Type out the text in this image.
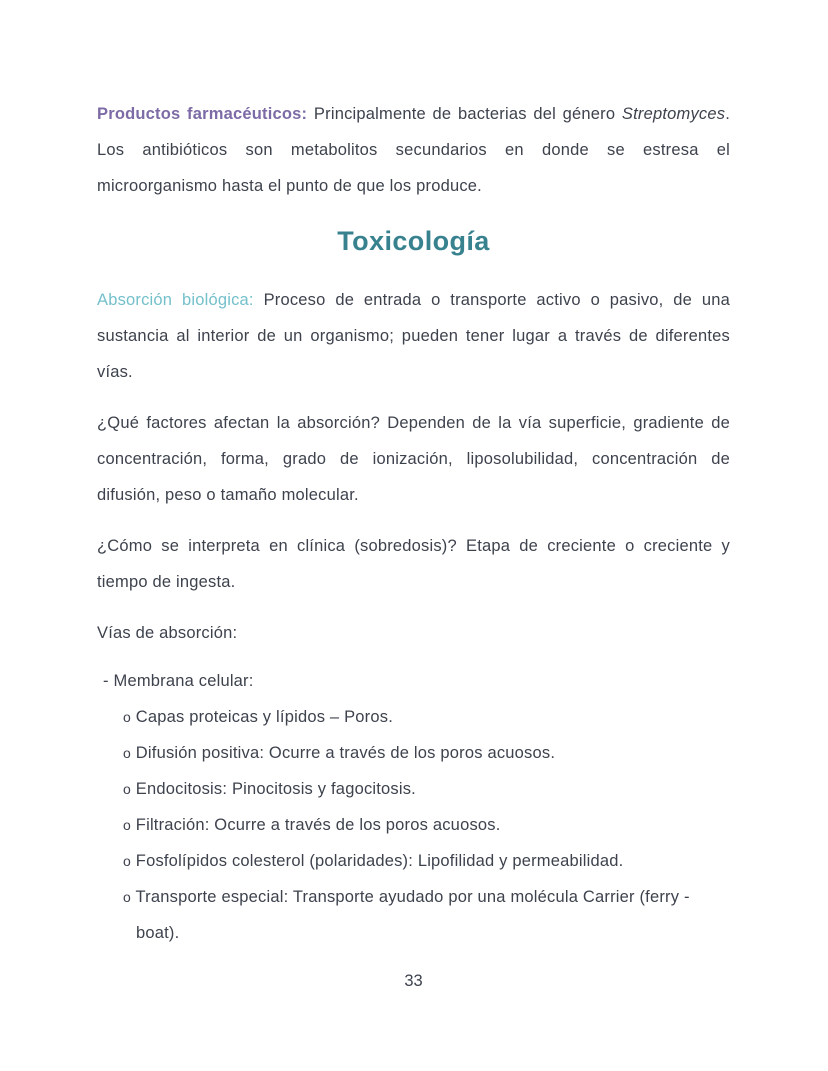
Productos farmacéuticos: Principalmente de bacterias del género Streptomyces. Los antibióticos son metabolitos secundarios en donde se estresa el microorganismo hasta el punto de que los produce.

Toxicología

Absorción biológica: Proceso de entrada o transporte activo o pasivo, de una sustancia al interior de un organismo; pueden tener lugar a través de diferentes vías.

¿Qué factores afectan la absorción? Dependen de la vía superficie, gradiente de concentración, forma, grado de ionización, liposolubilidad, concentración de difusión, peso o tamaño molecular.

¿Cómo se interpreta en clínica (sobredosis)? Etapa de creciente o creciente y tiempo de ingesta.

Vías de absorción:

- Membrana celular:
o Capas proteicas y lípidos – Poros.
o Difusión positiva: Ocurre a través de los poros acuosos.
o Endocitosis: Pinocitosis y fagocitosis.
o Filtración: Ocurre a través de los poros acuosos.
o Fosfolípidos colesterol (polaridades): Lipofilidad y permeabilidad.
o Transporte especial: Transporte ayudado por una molécula Carrier (ferry - boat).
33
